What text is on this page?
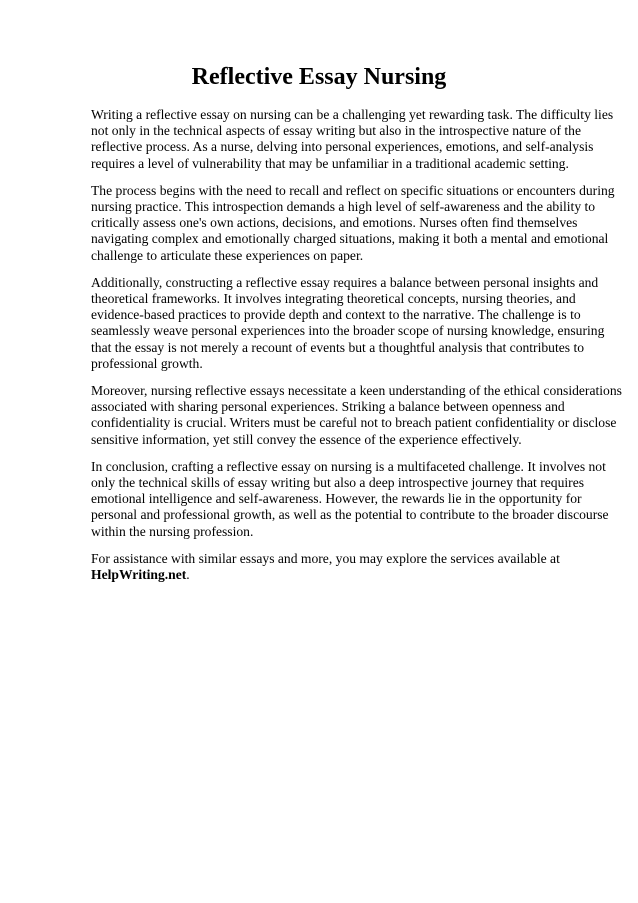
Reflective Essay Nursing

Writing a reflective essay on nursing can be a challenging yet rewarding task. The difficulty lies
not only in the technical aspects of essay writing but also in the introspective nature of the
reflective process. As a nurse, delving into personal experiences, emotions, and self-analysis
requires a level of vulnerability that may be unfamiliar in a traditional academic setting.

The process begins with the need to recall and reflect on specific situations or encounters during
nursing practice. This introspection demands a high level of self-awareness and the ability to
critically assess one's own actions, decisions, and emotions. Nurses often find themselves
navigating complex and emotionally charged situations, making it both a mental and emotional
challenge to articulate these experiences on paper.

Additionally, constructing a reflective essay requires a balance between personal insights and
theoretical frameworks. It involves integrating theoretical concepts, nursing theories, and
evidence-based practices to provide depth and context to the narrative. The challenge is to
seamlessly weave personal experiences into the broader scope of nursing knowledge, ensuring
that the essay is not merely a recount of events but a thoughtful analysis that contributes to
professional growth.

Moreover, nursing reflective essays necessitate a keen understanding of the ethical considerations
associated with sharing personal experiences. Striking a balance between openness and
confidentiality is crucial. Writers must be careful not to breach patient confidentiality or disclose
sensitive information, yet still convey the essence of the experience effectively.

In conclusion, crafting a reflective essay on nursing is a multifaceted challenge. It involves not
only the technical skills of essay writing but also a deep introspective journey that requires
emotional intelligence and self-awareness. However, the rewards lie in the opportunity for
personal and professional growth, as well as the potential to contribute to the broader discourse
within the nursing profession.

For assistance with similar essays and more, you may explore the services available at
HelpWriting.net.
